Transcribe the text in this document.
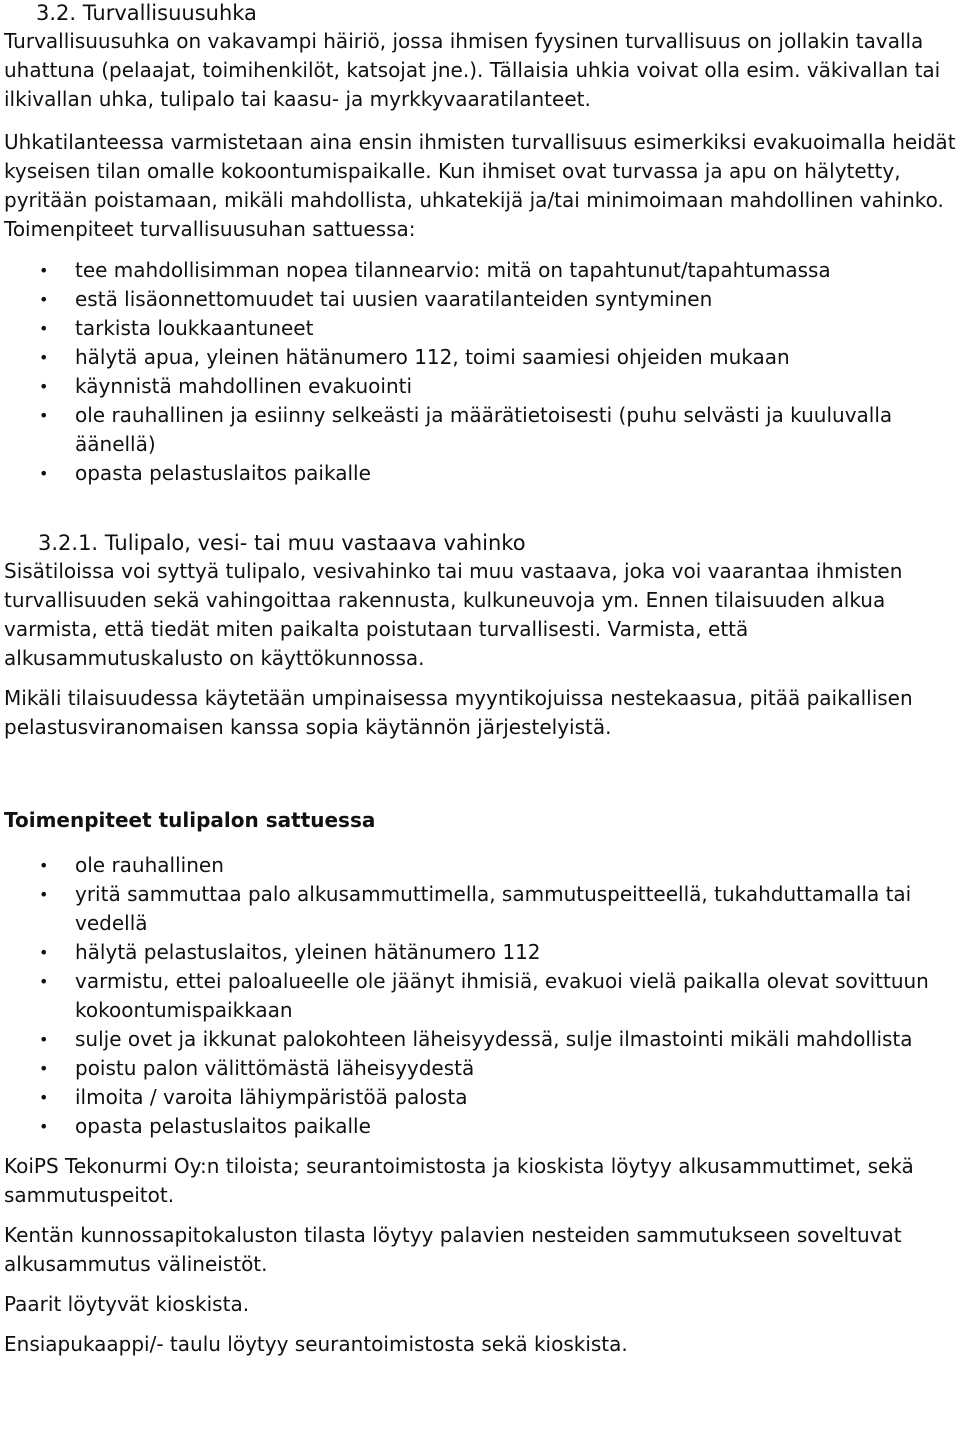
3.2. Turvallisuusuhka

Turvallisuusuhka on vakavampi häiriö, jossa ihmisen fyysinen turvallisuus on jollakin tavalla uhattuna (pelaajat, toimihenkilöt, katsojat jne.). Tällaisia uhkia voivat olla esim. väkivallan tai ilkivallan uhka, tulipalo tai kaasu- ja myrkkyvaaratilanteet.

Uhkatilanteessa varmistetaan aina ensin ihmisten turvallisuus esimerkiksi evakuoimalla heidät kyseisen tilan omalle kokoontumispaikalle. Kun ihmiset ovat turvassa ja apu on hälytetty, pyritään poistamaan, mikäli mahdollista, uhkatekijä ja/tai minimoimaan mahdollinen vahinko. Toimenpiteet turvallisuusuhan sattuessa:

• tee mahdollisimman nopea tilannearvio: mitä on tapahtunut/tapahtumassa
• estä lisäonnettomuudet tai uusien vaaratilanteiden syntyminen
• tarkista loukkaantuneet
• hälytä apua, yleinen hätänumero 112, toimi saamiesi ohjeiden mukaan
• käynnistä mahdollinen evakuointi
• ole rauhallinen ja esiinny selkeästi ja määrätietoisesti (puhu selvästi ja kuuluvalla äänellä)
• opasta pelastuslaitos paikalle
3.2.1. Tulipalo, vesi- tai muu vastaava vahinko

Sisätiloissa voi syttyä tulipalo, vesivahinko tai muu vastaava, joka voi vaarantaa ihmisten turvallisuuden sekä vahingoittaa rakennusta, kulkuneuvoja ym. Ennen tilaisuuden alkua varmista, että tiedät miten paikalta poistutaan turvallisesti. Varmista, että alkusammutuskalusto on käyttökunnossa.

Mikäli tilaisuudessa käytetään umpinaisessa myyntikojuissa nestekaasua, pitää paikallisen pelastusviranomaisen kanssa sopia käytännön järjestelyistä.

Toimenpiteet tulipalon sattuessa

• ole rauhallinen
• yritä sammuttaa palo alkusammuttimella, sammutuspeitteellä, tukahduttamalla tai vedellä
• hälytä pelastuslaitos, yleinen hätänumero 112
• varmistu, ettei paloalueelle ole jäänyt ihmisiä, evakuoi vielä paikalla olevat sovittuun kokoontumispaikkaan
• sulje ovet ja ikkunat palokohteen läheisyydessä, sulje ilmastointi mikäli mahdollista
• poistu palon välittömästä läheisyydestä
• ilmoita / varoita lähiympäristöä palosta
• opasta pelastuslaitos paikalle

KoiPS Tekonurmi Oy:n tiloista; seurantoimistosta ja kioskista löytyy alkusammuttimet, sekä sammutuspeitot.

Kentän kunnossapitokaluston tilasta löytyy palavien nesteiden sammutukseen soveltuvat alkusammutus välineistöt.

Paarit löytyvät kioskista.

Ensiapukaappi/- taulu löytyy seurantoimistosta sekä kioskista.
